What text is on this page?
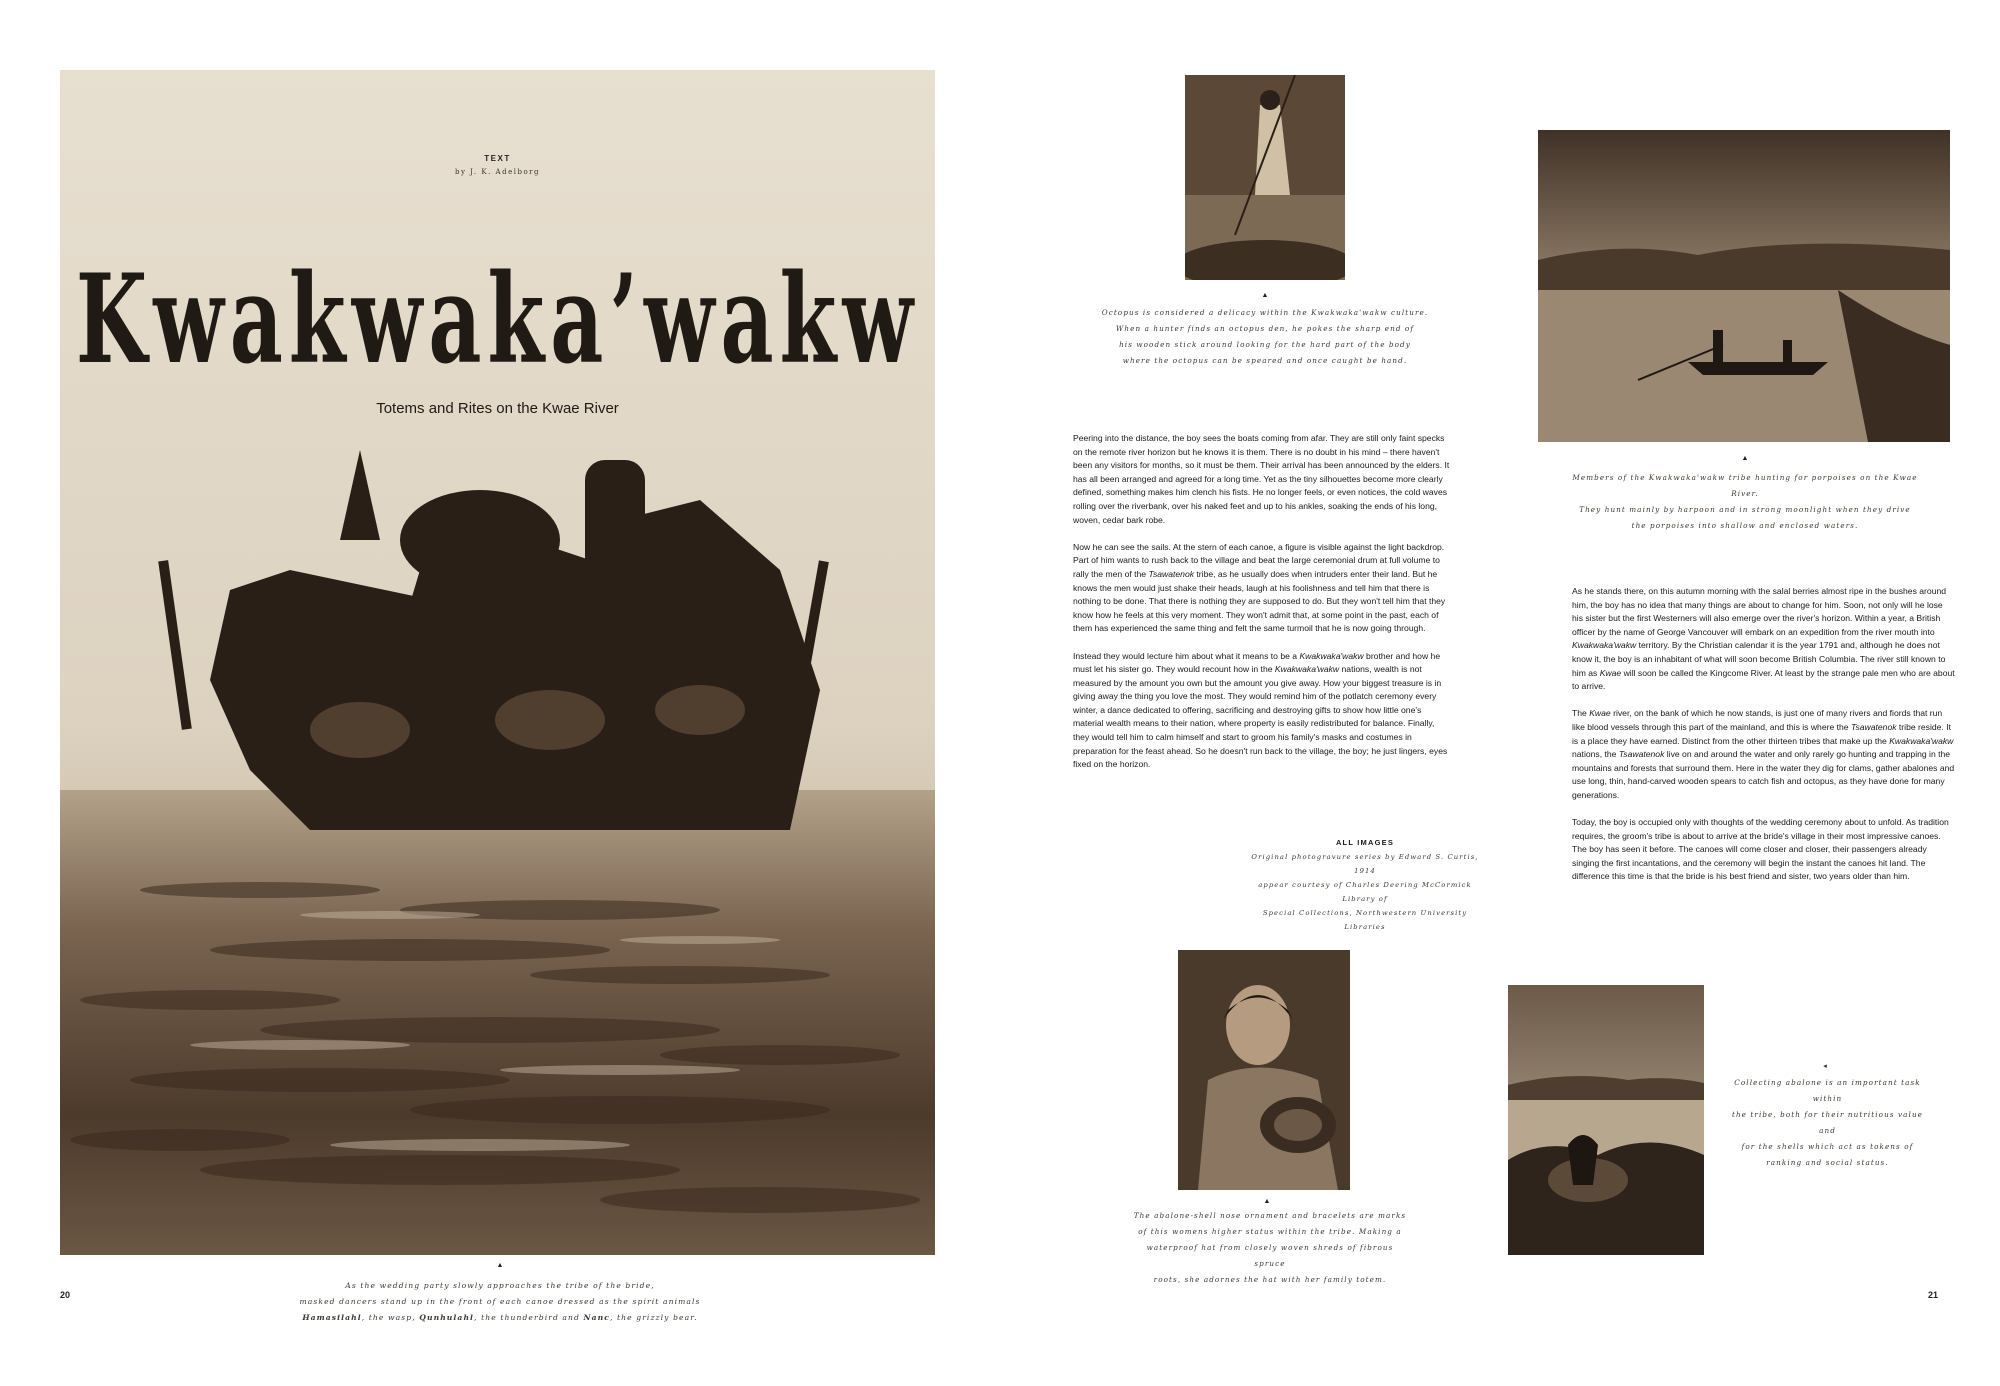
TEXT
by J. K. Adelborg
Kwakwaka’wakw
Totems and Rites on the Kwae River
▲
As the wedding party slowly approaches the tribe of the bride,
masked dancers stand up in the front of each canoe dressed as the spirit animals
Hamasilahl, the wasp, Qunhulahl, the thunderbird and Nanc, the grizzly bear.
20
▲
Octopus is considered a delicacy within the Kwakwaka'wakw culture.
When a hunter finds an octopus den, he pokes the sharp end of
his wooden stick around looking for the hard part of the body
where the octopus can be speared and once caught be hand.
▲
Members of the Kwakwaka'wakw tribe hunting for porpoises on the Kwae River.
They hunt mainly by harpoon and in strong moonlight when they drive
the porpoises into shallow and enclosed waters.

Peering into the distance, the boy sees the boats coming from afar. They are still only faint specks on the remote river horizon but he knows it is them. There is no doubt in his mind – there haven't been any visitors for months, so it must be them. Their arrival has been announced by the elders. It has all been arranged and agreed for a long time. Yet as the tiny silhouettes become more clearly defined, something makes him clench his fists. He no longer feels, or even notices, the cold waves rolling over the riverbank, over his naked feet and up to his ankles, soaking the ends of his long, woven, cedar bark robe.

Now he can see the sails. At the stern of each canoe, a figure is visible against the light backdrop. Part of him wants to rush back to the village and beat the large ceremonial drum at full volume to rally the men of the Tsawatenok tribe, as he usually does when intruders enter their land. But he knows the men would just shake their heads, laugh at his foolishness and tell him that there is nothing to be done. That there is nothing they are supposed to do. But they won't tell him that they know how he feels at this very moment. They won't admit that, at some point in the past, each of them has experienced the same thing and felt the same turmoil that he is now going through.

Instead they would lecture him about what it means to be a Kwakwaka'wakw brother and how he must let his sister go. They would recount how in the Kwakwaka'wakw nations, wealth is not measured by the amount you own but the amount you give away. How your biggest treasure is in giving away the thing you love the most. They would remind him of the potlatch ceremony every winter, a dance dedicated to offering, sacrificing and destroying gifts to show how little one's material wealth means to their nation, where property is easily redistributed for balance. Finally, they would tell him to calm himself and start to groom his family's masks and costumes in preparation for the feast ahead. So he doesn't run back to the village, the boy; he just lingers, eyes fixed on the horizon.

ALL IMAGES
Original photogravure series by Edward S. Curtis, 1914
appear courtesy of Charles Deering McCormick Library of
Special Collections, Northwestern University Libraries

As he stands there, on this autumn morning with the salal berries almost ripe in the bushes around him, the boy has no idea that many things are about to change for him. Soon, not only will he lose his sister but the first Westerners will also emerge over the river's horizon. Within a year, a British officer by the name of George Vancouver will embark on an expedition from the river mouth into Kwakwaka'wakw territory. By the Christian calendar it is the year 1791 and, although he does not know it, the boy is an inhabitant of what will soon become British Columbia. The river still known to him as Kwae will soon be called the Kingcome River. At least by the strange pale men who are about to arrive.

The Kwae river, on the bank of which he now stands, is just one of many rivers and fiords that run like blood vessels through this part of the mainland, and this is where the Tsawatenok tribe reside. It is a place they have earned. Distinct from the other thirteen tribes that make up the Kwakwaka'wakw nations, the Tsawatenok live on and around the water and only rarely go hunting and trapping in the mountains and forests that surround them. Here in the water they dig for clams, gather abalones and use long, thin, hand-carved wooden spears to catch fish and octopus, as they have done for many generations.

Today, the boy is occupied only with thoughts of the wedding ceremony about to unfold. As tradition requires, the groom's tribe is about to arrive at the bride's village in their most impressive canoes. The boy has seen it before. The canoes will come closer and closer, their passengers already singing the first incantations, and the ceremony will begin the instant the canoes hit land. The difference this time is that the bride is his best friend and sister, two years older than him.

▲
The abalone-shell nose ornament and bracelets are marks
of this womens higher status within the tribe. Making a
waterproof hat from closely woven shreds of fibrous spruce
roots, she adornes the hat with her family totem.
◂
Collecting abalone is an important task within
the tribe, both for their nutritious value and
for the shells which act as tokens of
ranking and social status.
21
